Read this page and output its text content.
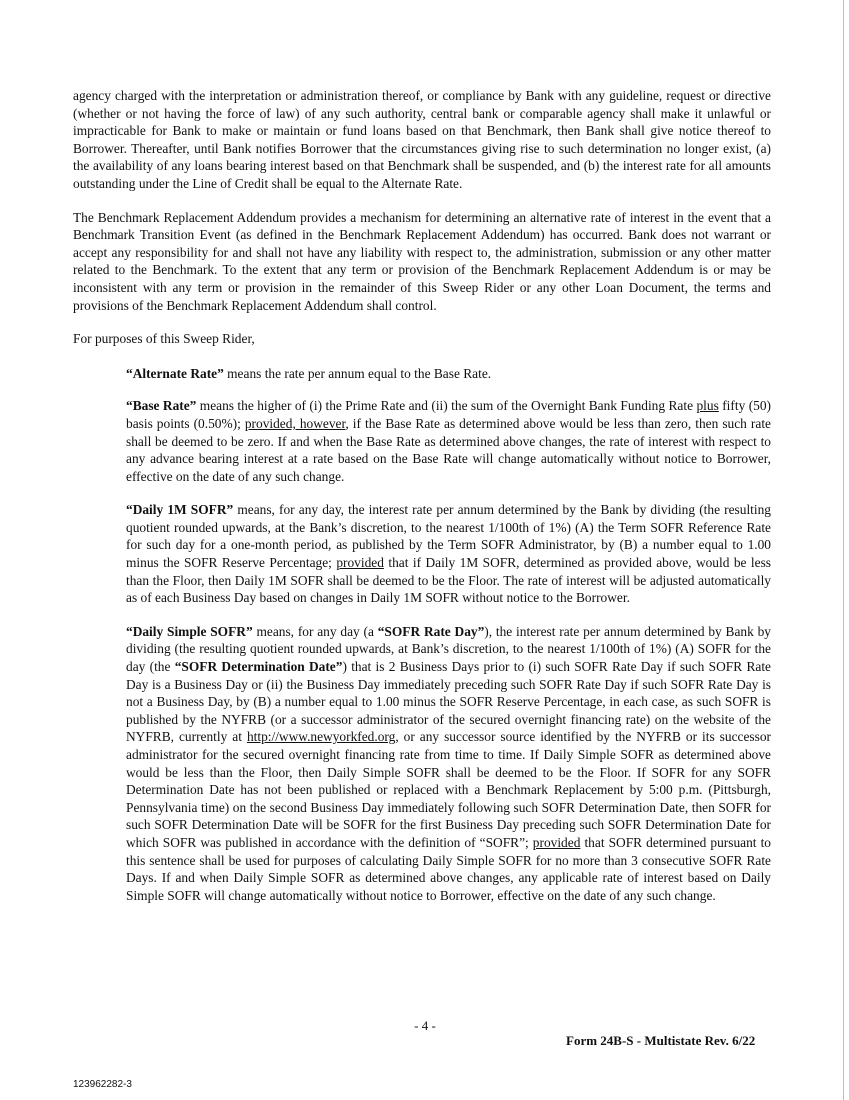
agency charged with the interpretation or administration thereof, or compliance by Bank with any guideline, request or directive (whether or not having the force of law) of any such authority, central bank or comparable agency shall make it unlawful or impracticable for Bank to make or maintain or fund loans based on that Benchmark, then Bank shall give notice thereof to Borrower. Thereafter, until Bank notifies Borrower that the circumstances giving rise to such determination no longer exist, (a) the availability of any loans bearing interest based on that Benchmark shall be suspended, and (b) the interest rate for all amounts outstanding under the Line of Credit shall be equal to the Alternate Rate.

The Benchmark Replacement Addendum provides a mechanism for determining an alternative rate of interest in the event that a Benchmark Transition Event (as defined in the Benchmark Replacement Addendum) has occurred. Bank does not warrant or accept any responsibility for and shall not have any liability with respect to, the administration, submission or any other matter related to the Benchmark. To the extent that any term or provision of the Benchmark Replacement Addendum is or may be inconsistent with any term or provision in the remainder of this Sweep Rider or any other Loan Document, the terms and provisions of the Benchmark Replacement Addendum shall control.

For purposes of this Sweep Rider,

“Alternate Rate” means the rate per annum equal to the Base Rate.

“Base Rate” means the higher of (i) the Prime Rate and (ii) the sum of the Overnight Bank Funding Rate plus fifty (50) basis points (0.50%); provided, however, if the Base Rate as determined above would be less than zero, then such rate shall be deemed to be zero. If and when the Base Rate as determined above changes, the rate of interest with respect to any advance bearing interest at a rate based on the Base Rate will change automatically without notice to Borrower, effective on the date of any such change.

“Daily 1M SOFR” means, for any day, the interest rate per annum determined by the Bank by dividing (the resulting quotient rounded upwards, at the Bank’s discretion, to the nearest 1/100th of 1%) (A) the Term SOFR Reference Rate for such day for a one-month period, as published by the Term SOFR Administrator, by (B) a number equal to 1.00 minus the SOFR Reserve Percentage; provided that if Daily 1M SOFR, determined as provided above, would be less than the Floor, then Daily 1M SOFR shall be deemed to be the Floor. The rate of interest will be adjusted automatically as of each Business Day based on changes in Daily 1M SOFR without notice to the Borrower.

“Daily Simple SOFR” means, for any day (a “SOFR Rate Day”), the interest rate per annum determined by Bank by dividing (the resulting quotient rounded upwards, at Bank’s discretion, to the nearest 1/100th of 1%) (A) SOFR for the day (the “SOFR Determination Date”) that is 2 Business Days prior to (i) such SOFR Rate Day if such SOFR Rate Day is a Business Day or (ii) the Business Day immediately preceding such SOFR Rate Day if such SOFR Rate Day is not a Business Day, by (B) a number equal to 1.00 minus the SOFR Reserve Percentage, in each case, as such SOFR is published by the NYFRB (or a successor administrator of the secured overnight financing rate) on the website of the NYFRB, currently at http://www.newyorkfed.org, or any successor source identified by the NYFRB or its successor administrator for the secured overnight financing rate from time to time. If Daily Simple SOFR as determined above would be less than the Floor, then Daily Simple SOFR shall be deemed to be the Floor. If SOFR for any SOFR Determination Date has not been published or replaced with a Benchmark Replacement by 5:00 p.m. (Pittsburgh, Pennsylvania time) on the second Business Day immediately following such SOFR Determination Date, then SOFR for such SOFR Determination Date will be SOFR for the first Business Day preceding such SOFR Determination Date for which SOFR was published in accordance with the definition of “SOFR”; provided that SOFR determined pursuant to this sentence shall be used for purposes of calculating Daily Simple SOFR for no more than 3 consecutive SOFR Rate Days. If and when Daily Simple SOFR as determined above changes, any applicable rate of interest based on Daily Simple SOFR will change automatically without notice to Borrower, effective on the date of any such change.

- 4 -
Form 24B-S - Multistate Rev. 6/22
123962282-3
